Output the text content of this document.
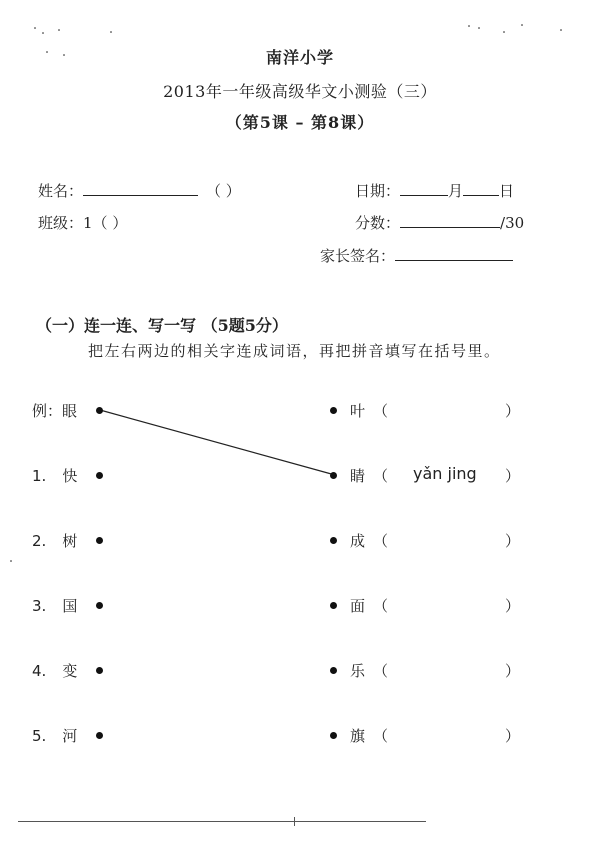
南洋小学
2013年一年级高级华文小测验（三）
（第5课 – 第8课）
姓名：	（ ）	日期：	月 日
班级：1（ ）	分数：	/30
家长签名：
（一）连一连、写一写 （5题5分）
把左右两边的相关字连成词语，再把拼音填写在括号里。
例：眼	叶 （	）
1. 快	睛 （ yǎn jing ）
2. 树	成 （	）
3. 国	面 （	）
4. 变	乐 （	）
5. 河	旗 （	）
